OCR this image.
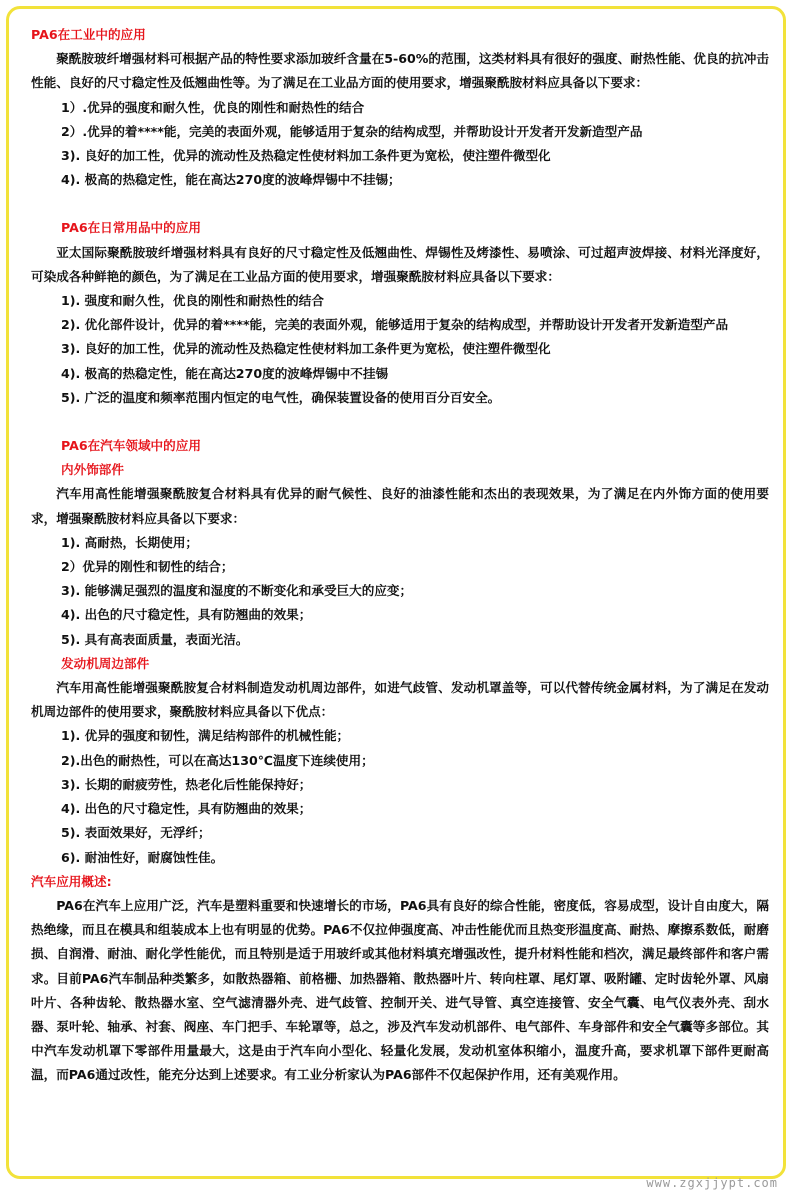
PA6在工业中的应用
聚酰胺玻纤增强材料可根据产品的特性要求添加玻纤含量在5-60%的范围，这类材料具有很好的强度、耐热性能、优良的抗冲击性能、良好的尺寸稳定性及低翘曲性等。为了满足在工业品方面的使用要求，增强聚酰胺材料应具备以下要求：
1）.优异的强度和耐久性，优良的刚性和耐热性的结合
2）.优异的着****能，完美的表面外观，能够适用于复杂的结构成型，并帮助设计开发者开发新造型产品
3). 良好的加工性，优异的流动性及热稳定性使材料加工条件更为宽松，使注塑件微型化
4). 极高的热稳定性，能在高达270度的波峰焊锡中不挂锡；
PA6在日常用品中的应用
亚太国际聚酰胺玻纤增强材料具有良好的尺寸稳定性及低翘曲性、焊锡性及烤漆性、易喷涂、可过超声波焊接、材料光泽度好，可染成各种鲜艳的颜色，为了满足在工业品方面的使用要求，增强聚酰胺材料应具备以下要求：
1). 强度和耐久性，优良的刚性和耐热性的结合
2). 优化部件设计，优异的着****能，完美的表面外观，能够适用于复杂的结构成型，并帮助设计开发者开发新造型产品
3). 良好的加工性，优异的流动性及热稳定性使材料加工条件更为宽松，使注塑件微型化
4). 极高的热稳定性，能在高达270度的波峰焊锡中不挂锡
5). 广泛的温度和频率范围内恒定的电气性，确保装置设备的使用百分百安全。
PA6在汽车领域中的应用
内外饰部件
汽车用高性能增强聚酰胺复合材料具有优异的耐气候性、良好的油漆性能和杰出的表现效果，为了满足在内外饰方面的使用要求，增强聚酰胺材料应具备以下要求：
1). 高耐热，长期使用；
2）优异的刚性和韧性的结合；
3). 能够满足强烈的温度和湿度的不断变化和承受巨大的应变；
4). 出色的尺寸稳定性，具有防翘曲的效果；
5). 具有高表面质量，表面光洁。
发动机周边部件
汽车用高性能增强聚酰胺复合材料制造发动机周边部件，如进气歧管、发动机罩盖等，可以代替传统金属材料，为了满足在发动机周边部件的使用要求，聚酰胺材料应具备以下优点：
1). 优异的强度和韧性，满足结构部件的机械性能；
2).出色的耐热性，可以在高达130℃温度下连续使用；
3). 长期的耐疲劳性，热老化后性能保持好；
4). 出色的尺寸稳定性，具有防翘曲的效果；
5). 表面效果好，无浮纤；
6). 耐油性好，耐腐蚀性佳。
汽车应用概述:
PA6在汽车上应用广泛，汽车是塑料重要和快速增长的市场，PA6具有良好的综合性能，密度低，容易成型，设计自由度大，隔热绝缘，而且在模具和组装成本上也有明显的优势。PA6不仅拉伸强度高、冲击性能优而且热变形温度高、耐热、摩擦系数低，耐磨损、自润滑、耐油、耐化学性能优，而且特别是适于用玻纤或其他材料填充增强改性，提升材料性能和档次，满足最终部件和客户需求。目前PA6汽车制品种类繁多，如散热器箱、前格栅、加热器箱、散热器叶片、转向柱罩、尾灯罩、吸附罐、定时齿轮外罩、风扇叶片、各种齿轮、散热器水室、空气滤清器外壳、进气歧管、控制开关、进气导管、真空连接管、安全气囊、电气仪表外壳、刮水器、泵叶轮、轴承、衬套、阀座、车门把手、车轮罩等，总之，涉及汽车发动机部件、电气部件、车身部件和安全气囊等多部位。其中汽车发动机罩下零部件用量最大，这是由于汽车向小型化、轻量化发展，发动机室体积缩小，温度升高，要求机罩下部件更耐高温，而PA6通过改性，能充分达到上述要求。有工业分析家认为PA6部件不仅起保护作用，还有美观作用。
www.zgxjjypt.com
